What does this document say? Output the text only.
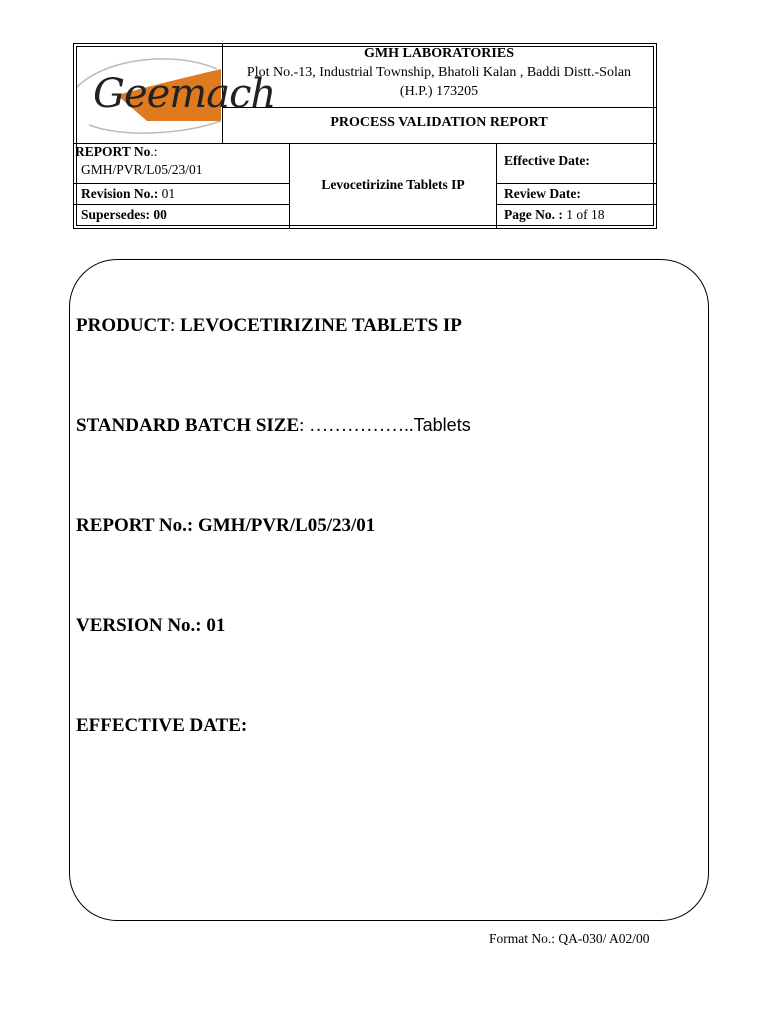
Geemach
GMH LABORATORIES
Plot No.-13, Industrial Township, Bhatoli Kalan , Baddi Distt.-Solan
(H.P.) 173205
PROCESS VALIDATION REPORT
REPORT No.:
GMH/PVR/L05/23/01
Revision No.: 01
Supersedes: 00
Levocetirizine Tablets IP
Effective Date:
Review Date:
Page No. : 1 of 18
PRODUCT: LEVOCETIRIZINE TABLETS IP
STANDARD BATCH SIZE: ……………..Tablets
REPORT No.: GMH/PVR/L05/23/01
VERSION No.: 01
EFFECTIVE DATE:
Format No.: QA-030/ A02/00
